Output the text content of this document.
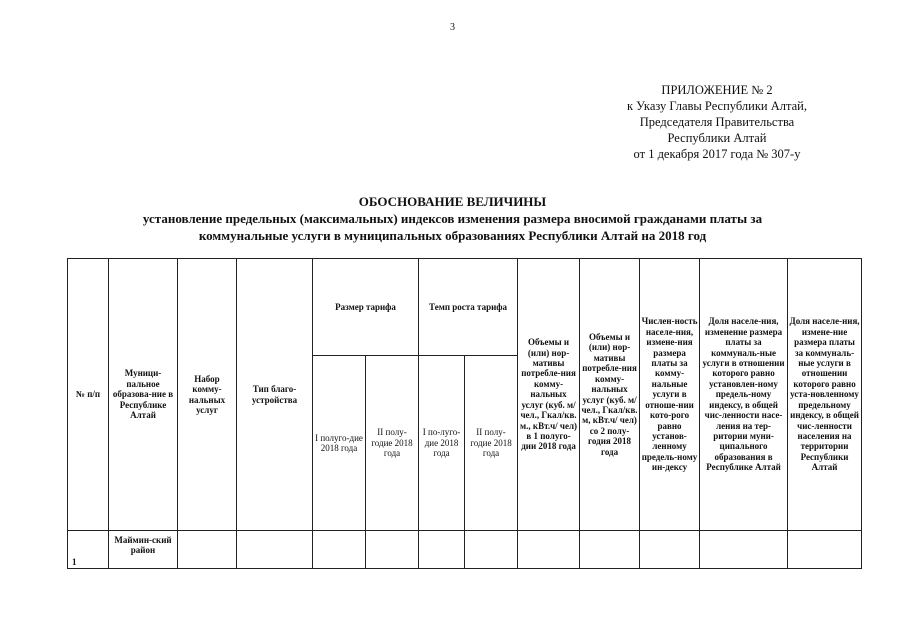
3
ПРИЛОЖЕНИЕ № 2
к Указу Главы Республики Алтай,
Председателя Правительства
Республики Алтай
от 1 декабря 2017 года № 307-у
ОБОСНОВАНИЕ ВЕЛИЧИНЫ
установление предельных (максимальных) индексов изменения размера вносимой гражданами платы за
коммунальные услуги в муниципальных образованиях Республики Алтай на 2018 год
№ п/п	Муници-пальное образова-ние в Республике Алтай	Набор комму-нальных услуг	Тип благо-устройства	Размер тарифа		Темп роста тарифа		Объемы и (или) нор-мативы потребле-ния комму-нальных услуг (куб. м/чел., Гкал/кв. м., кВт.ч/ чел) в 1 полуго-дии 2018 года	Объемы и (или) нор-мативы потребле-ния комму-нальных услуг (куб. м/чел., Гкал/кв. м, кВт.ч/ чел) со 2 полу-годия 2018 года	Числен-ность населе-ния, измене-ния размера платы за комму-нальные услуги в отноше-нии кото-рого равно установ-ленному предель-ному ин-дексу	Доля населе-ния, изменение размера платы за коммуналь-ные услуги в отношении которого равно установлен-ному предель-ному индексу, в общей чис-ленности насе-ления на тер-ритории муни-ципального образования в Республике Алтай	Доля населе-ния, измене-ние размера платы за коммуналь-ные услуги в отношении которого равно уста-новленному предельному индексу, в общей чис-ленности населения на территории Республики Алтай
				I полуго-дие 2018 года	II полу-годие 2018 года	I по-луго-дие 2018 года	II полу-годие 2018 года					
1	Маймин-ский район											
